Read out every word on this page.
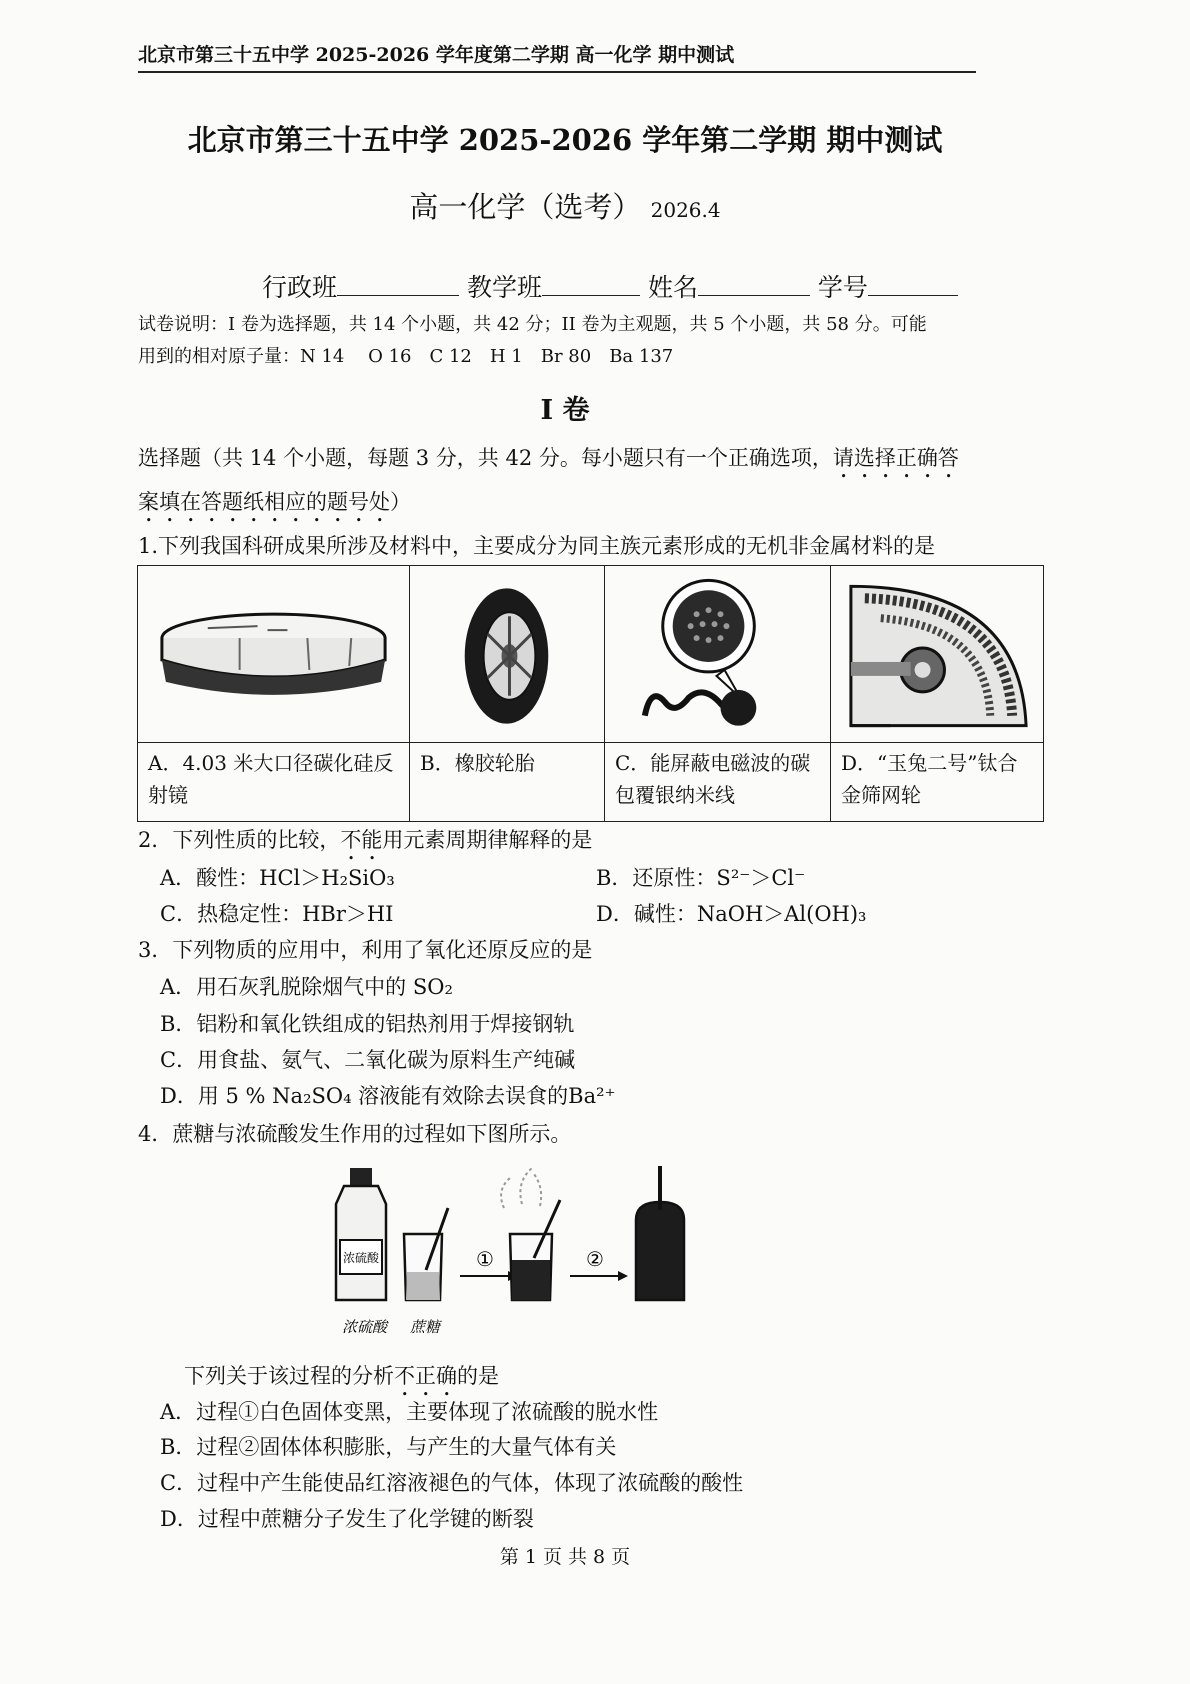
北京市第三十五中学 2025-2026 学年度第二学期 高一化学 期中测试
北京市第三十五中学 2025-2026 学年第二学期 期中测试
高一化学（选考） 2026.4
行政班	教学班	姓名	学号
试卷说明：I 卷为选择题，共 14 个小题，共 42 分；II 卷为主观题，共 5 个小题，共 58 分。可能
用到的相对原子量：N 14　 O 16　C 12　H 1　Br 80　Ba 137
I 卷
选择题（共 14 个小题，每题 3 分，共 42 分。每小题只有一个正确选项，请选择正确答
案填在答题纸相应的题号处）
1.下列我国科研成果所涉及材料中，主要成分为同主族元素形成的无机非金属材料的是

A．4.03 米大口径碳化硅反射镜	B．橡胶轮胎	C．能屏蔽电磁波的碳包覆银纳米线	D．“玉兔二号”钛合金筛网轮
2．下列性质的比较，不能用元素周期律解释的是
A．酸性：HCl＞H₂SiO₃	B．还原性：S²⁻＞Cl⁻
C．热稳定性：HBr＞HI	D．碱性：NaOH＞Al(OH)₃
3．下列物质的应用中，利用了氧化还原反应的是
A．用石灰乳脱除烟气中的 SO₂
B．铝粉和氧化铁组成的铝热剂用于焊接钢轨
C．用食盐、氨气、二氧化碳为原料生产纯碱
D．用 5 % Na₂SO₄ 溶液能有效除去误食的Ba²⁺
4．蔗糖与浓硫酸发生作用的过程如下图所示。
浓硫酸	①	②
浓硫酸 蔗糖
下列关于该过程的分析不正确的是
A．过程①白色固体变黑，主要体现了浓硫酸的脱水性
B．过程②固体体积膨胀，与产生的大量气体有关
C．过程中产生能使品红溶液褪色的气体，体现了浓硫酸的酸性
D．过程中蔗糖分子发生了化学键的断裂
第 1 页 共 8 页
